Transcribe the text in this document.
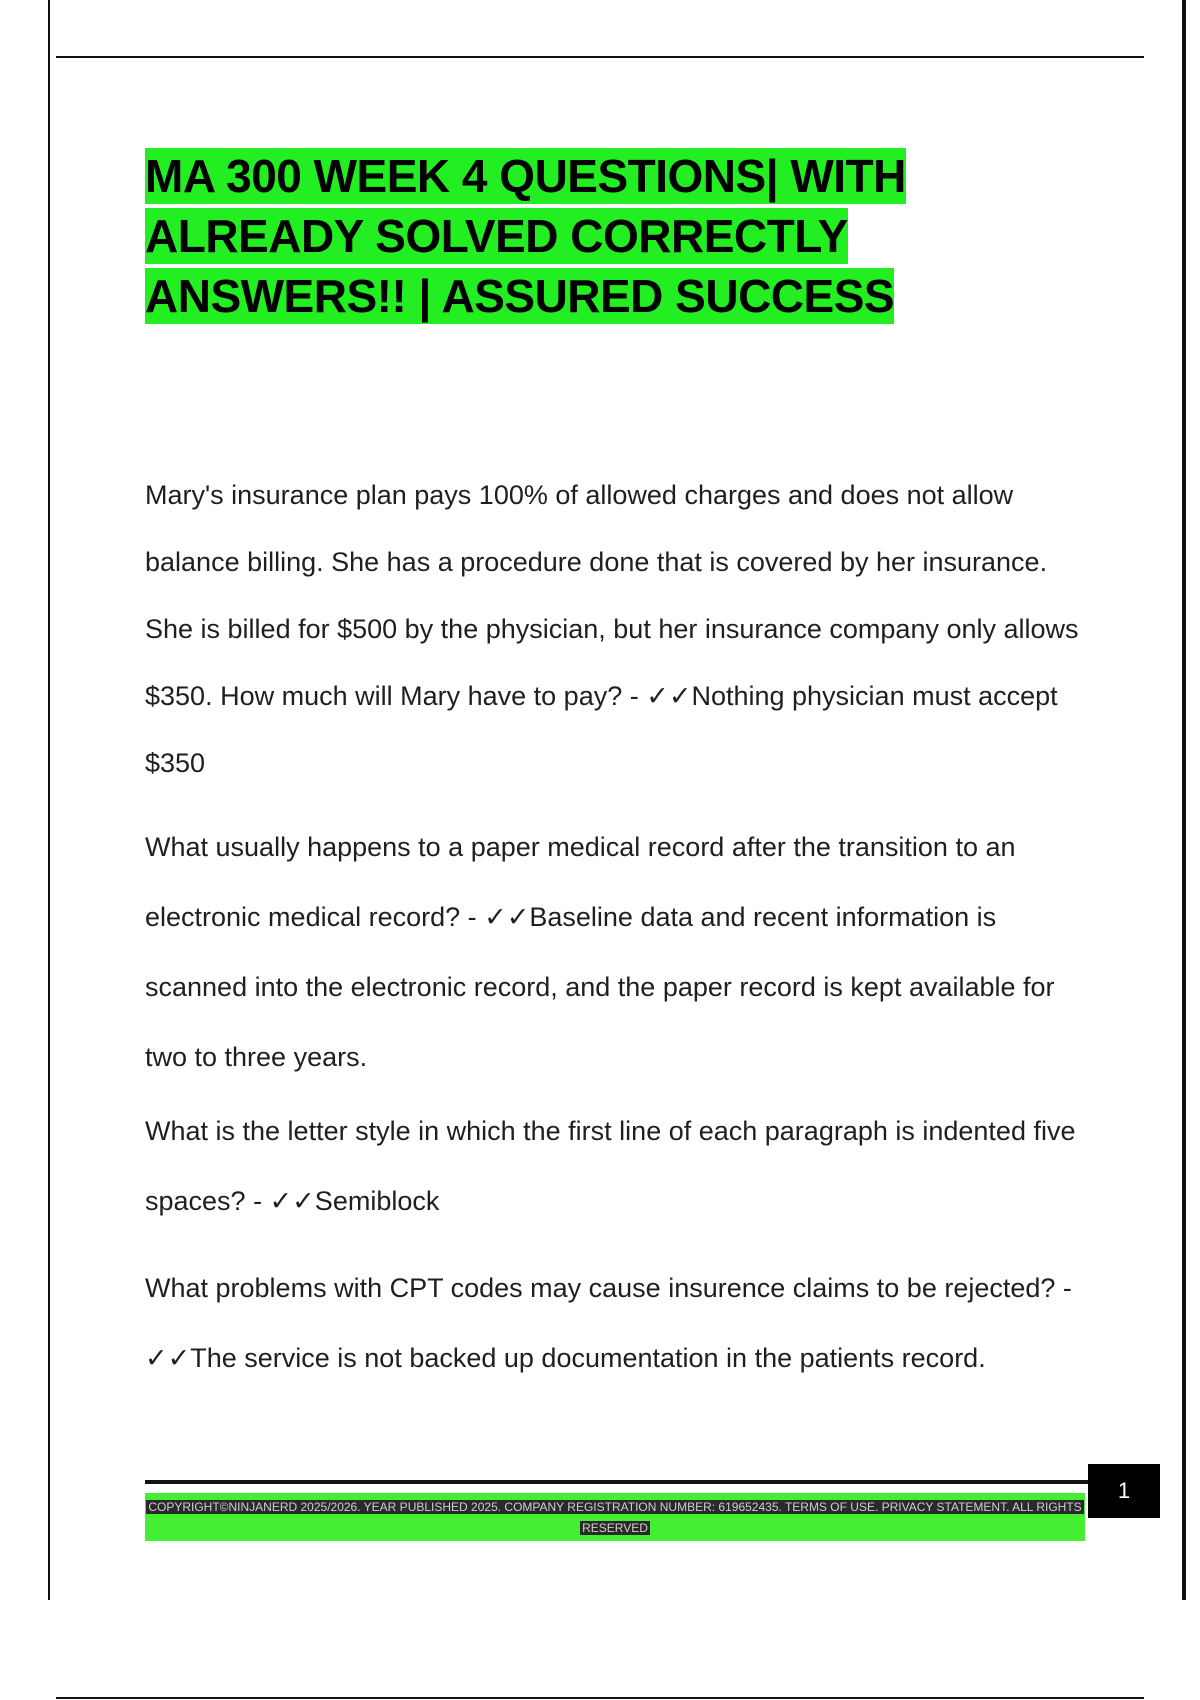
MA 300 WEEK 4 QUESTIONS| WITH ALREADY SOLVED CORRECTLY ANSWERS!! | ASSURED SUCCESS

Mary's insurance plan pays 100% of allowed charges and does not allow balance billing. She has a procedure done that is covered by her insurance. She is billed for $500 by the physician, but her insurance company only allows $350. How much will Mary have to pay? - ✓✓Nothing physician must accept $350

What usually happens to a paper medical record after the transition to an electronic medical record? - ✓✓Baseline data and recent information is scanned into the electronic record, and the paper record is kept available for two to three years.

What is the letter style in which the first line of each paragraph is indented five spaces? - ✓✓Semiblock

What problems with CPT codes may cause insurence claims to be rejected? - ✓✓The service is not backed up documentation in the patients record.

COPYRIGHT©NINJANERD 2025/2026. YEAR PUBLISHED 2025. COMPANY REGISTRATION NUMBER: 619652435. TERMS OF USE. PRIVACY STATEMENT. ALL RIGHTS RESERVED
1
